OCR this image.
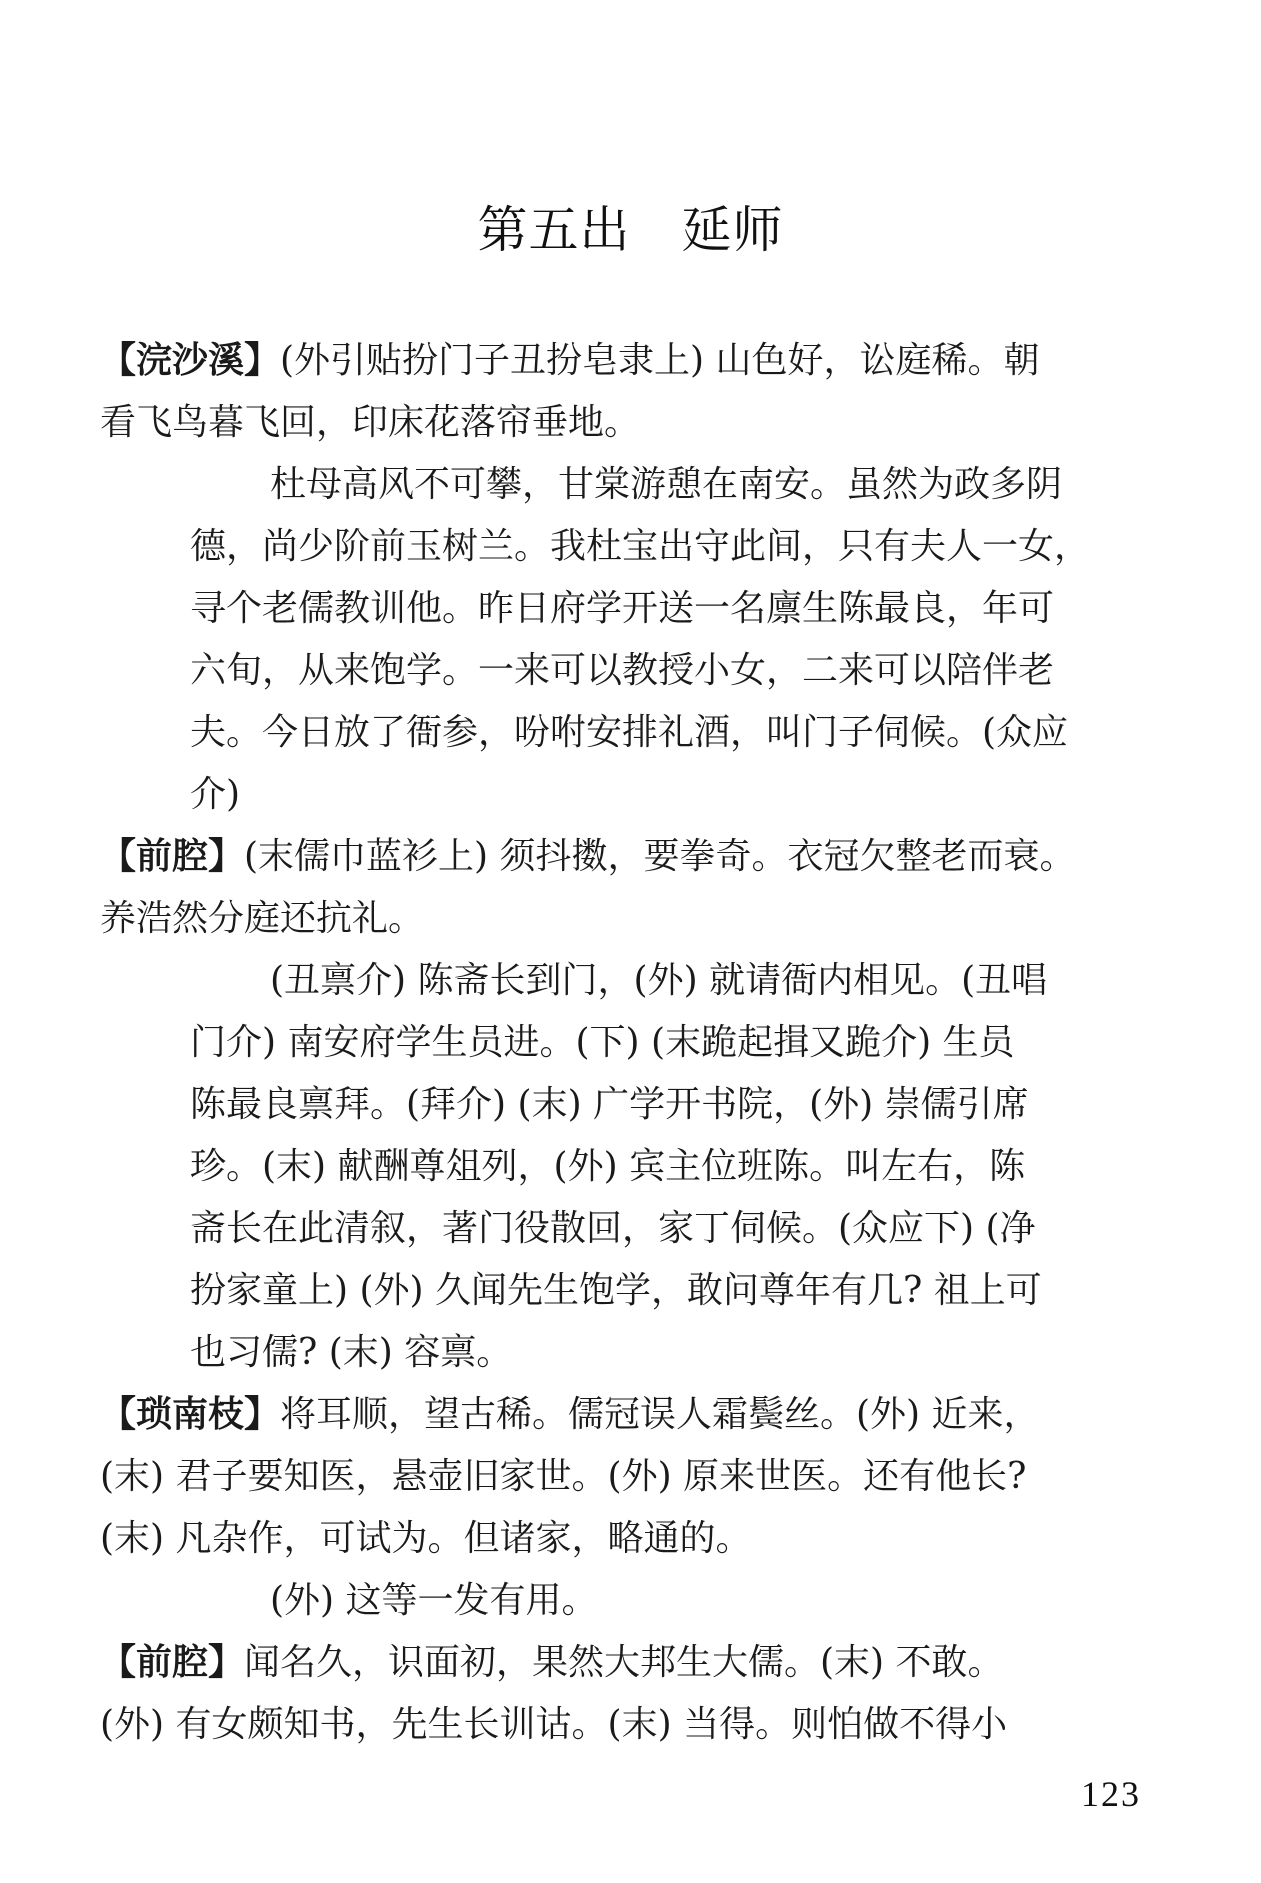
第五出　延师
【浣沙溪】(外引贴扮门子丑扮皂隶上) 山色好，讼庭稀。朝
看飞鸟暮飞回，印床花落帘垂地。
杜母高风不可攀，甘棠游憩在南安。虽然为政多阴
德，尚少阶前玉树兰。我杜宝出守此间，只有夫人一女，
寻个老儒教训他。昨日府学开送一名廪生陈最良，年可
六旬，从来饱学。一来可以教授小女，二来可以陪伴老
夫。今日放了衙参，吩咐安排礼酒，叫门子伺候。(众应
介)
【前腔】(末儒巾蓝衫上) 须抖擞，要拳奇。衣冠欠整老而衰。
养浩然分庭还抗礼。
(丑禀介) 陈斋长到门，(外) 就请衙内相见。(丑唱
门介) 南安府学生员进。(下) (末跪起揖又跪介) 生员
陈最良禀拜。(拜介) (末) 广学开书院，(外) 崇儒引席
珍。(末) 献酬尊俎列，(外) 宾主位班陈。叫左右，陈
斋长在此清叙，著门役散回，家丁伺候。(众应下) (净
扮家童上) (外) 久闻先生饱学，敢问尊年有几? 祖上可
也习儒? (末) 容禀。
【琐南枝】将耳顺，望古稀。儒冠误人霜鬓丝。(外) 近来，
(末) 君子要知医，悬壶旧家世。(外) 原来世医。还有他长?
(末) 凡杂作，可试为。但诸家，略通的。
(外) 这等一发有用。
【前腔】闻名久，识面初，果然大邦生大儒。(末) 不敢。
(外) 有女颇知书，先生长训诂。(末) 当得。则怕做不得小
123
